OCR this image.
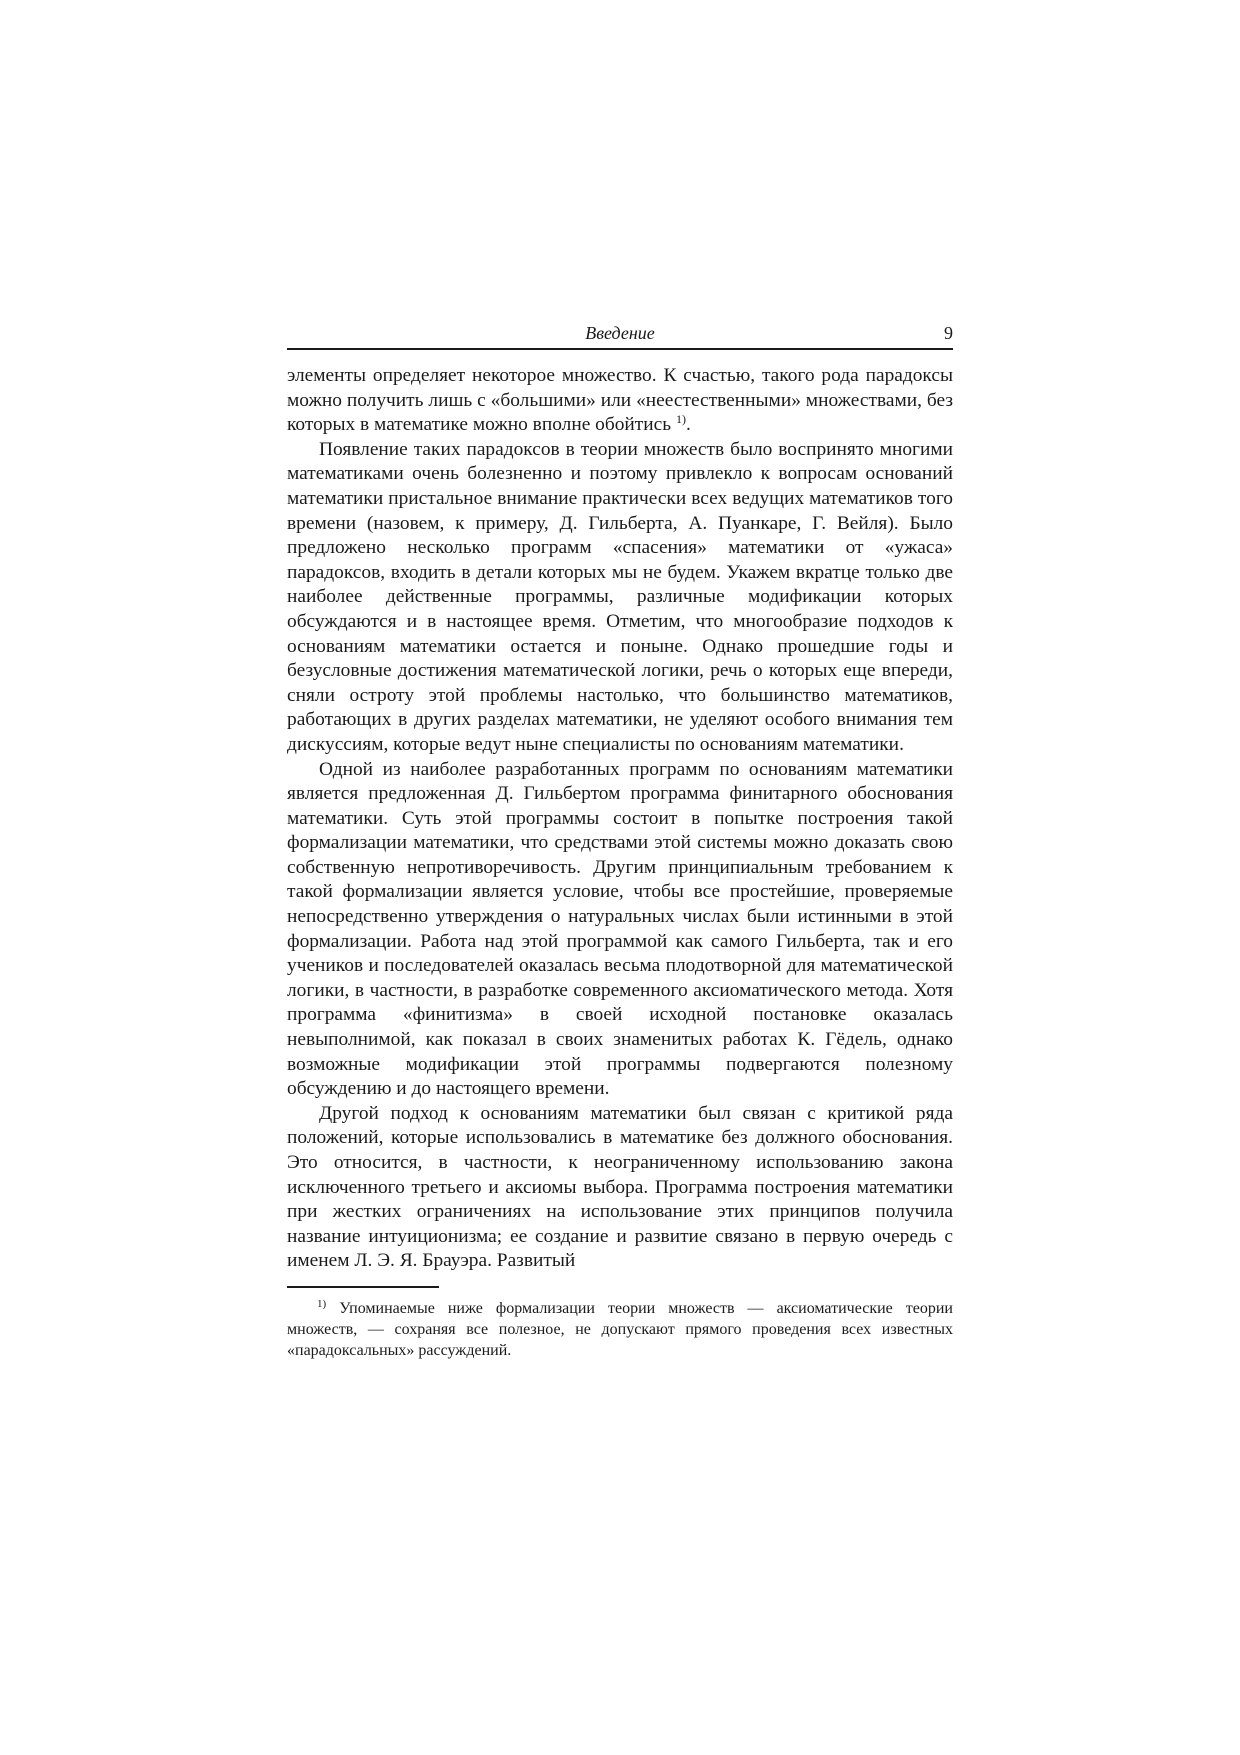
Введение	9

элементы определяет некоторое множество. К счастью, такого рода парадоксы можно получить лишь с «большими» или «неестественными» множествами, без которых в математике можно вполне обойтись $^{1)}$.

Появление таких парадоксов в теории множеств было воспринято многими математиками очень болезненно и поэтому привлекло к вопросам оснований математики пристальное внимание практически всех ведущих математиков того времени (назовем, к примеру, Д. Гильберта, А. Пуанкаре, Г. Вейля). Было предложено несколько программ «спасения» математики от «ужаса» парадоксов, входить в детали которых мы не будем. Укажем вкратце только две наиболее действенные программы, различные модификации которых обсуждаются и в настоящее время. Отметим, что многообразие подходов к основаниям математики остается и поныне. Однако прошедшие годы и безусловные достижения математической логики, речь о которых еще впереди, сняли остроту этой проблемы настолько, что большинство математиков, работающих в других разделах математики, не уделяют особого внимания тем дискуссиям, которые ведут ныне специалисты по основаниям математики.

Одной из наиболее разработанных программ по основаниям математики является предложенная Д. Гильбертом программа финитарного обоснования математики. Суть этой программы состоит в попытке построения такой формализации математики, что средствами этой системы можно доказать свою собственную непротиворечивость. Другим принципиальным требованием к такой формализации является условие, чтобы все простейшие, проверяемые непосредственно утверждения о натуральных числах были истинными в этой формализации. Работа над этой программой как самого Гильберта, так и его учеников и последователей оказалась весьма плодотворной для математической логики, в частности, в разработке современного аксиоматического метода. Хотя программа «финитизма» в своей исходной постановке оказалась невыполнимой, как показал в своих знаменитых работах К. Гёдель, однако возможные модификации этой программы подвергаются полезному обсуждению и до настоящего времени.

Другой подход к основаниям математики был связан с критикой ряда положений, которые использовались в математике без должного обоснования. Это относится, в частности, к неограниченному использованию закона исключенного третьего и аксиомы выбора. Программа построения математики при жестких ограничениях на использование этих принципов получила название интуиционизма; ее создание и развитие связано в первую очередь с именем Л. Э. Я. Брауэра. Развитый

$^{1)}$ Упоминаемые ниже формализации теории множеств — аксиоматические теории множеств, — сохраняя все полезное, не допускают прямого проведения всех известных «парадоксальных» рассуждений.
